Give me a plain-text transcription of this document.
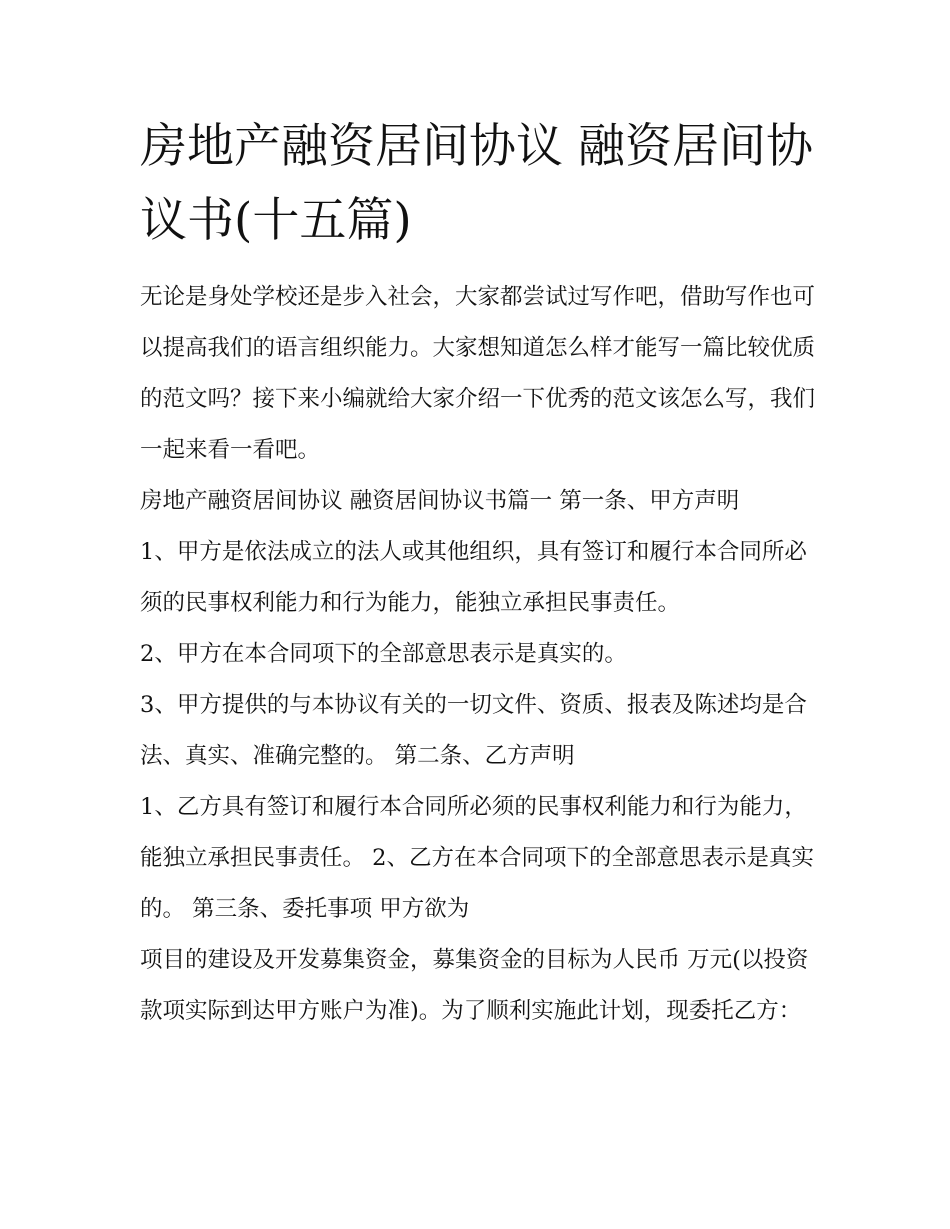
房地产融资居间协议 融资居间协议书(十五篇)

无论是身处学校还是步入社会，大家都尝试过写作吧，借助写作也可以提高我们的语言组织能力。大家想知道怎么样才能写一篇比较优质的范文吗？接下来小编就给大家介绍一下优秀的范文该怎么写，我们一起来看一看吧。

房地产融资居间协议 融资居间协议书篇一 第一条、甲方声明

1、甲方是依法成立的法人或其他组织，具有签订和履行本合同所必须的民事权利能力和行为能力，能独立承担民事责任。

2、甲方在本合同项下的全部意思表示是真实的。

3、甲方提供的与本协议有关的一切文件、资质、报表及陈述均是合法、真实、准确完整的。 第二条、乙方声明

1、乙方具有签订和履行本合同所必须的民事权利能力和行为能力，能独立承担民事责任。 2、乙方在本合同项下的全部意思表示是真实的。 第三条、委托事项 甲方欲为

项目的建设及开发募集资金，募集资金的目标为人民币 万元(以投资款项实际到达甲方账户为准)。为了顺利实施此计划，现委托乙方：
